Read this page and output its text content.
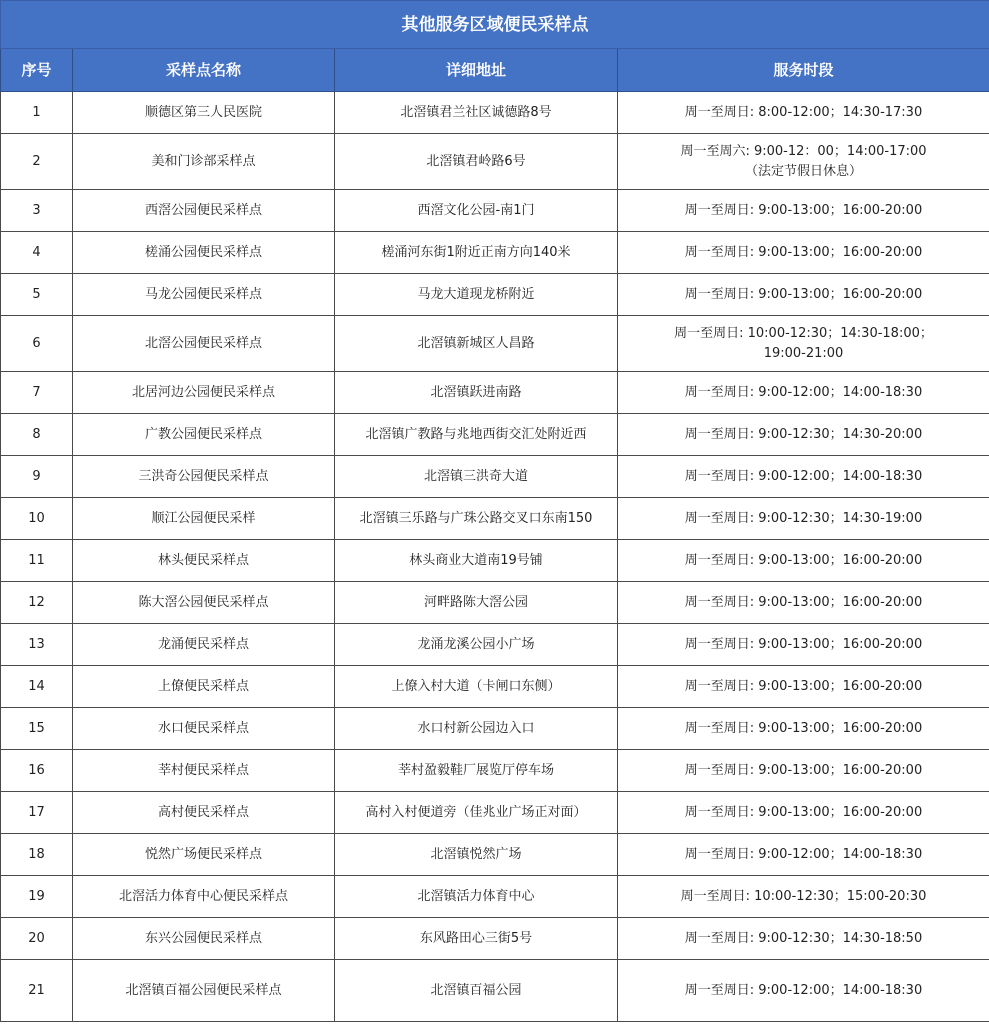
其他服务区域便民采样点			
序号	采样点名称	详细地址	服务时段
1	顺德区第三人民医院	北滘镇君兰社区诚德路8号	周一至周日: 8:00-12:00；14:30-17:30

2	美和门诊部采样点	北滘镇君岭路6号	周一至周六: 9:00-12：00；14:00-17:00
（法定节假日休息）

3	西滘公园便民采样点	西滘文化公园-南1门	周一至周日: 9:00-13:00；16:00-20:00

4	槎涌公园便民采样点	槎涌河东街1附近正南方向140米	周一至周日: 9:00-13:00；16:00-20:00

5	马龙公园便民采样点	马龙大道现龙桥附近	周一至周日: 9:00-13:00；16:00-20:00

6	北滘公园便民采样点	北滘镇新城区人昌路	周一至周日: 10:00-12:30；14:30-18:00；
19:00-21:00

7	北居河边公园便民采样点	北滘镇跃进南路	周一至周日: 9:00-12:00；14:00-18:30

8	广教公园便民采样点	北滘镇广教路与兆地西街交汇处附近西	周一至周日: 9:00-12:30；14:30-20:00

9	三洪奇公园便民采样点	北滘镇三洪奇大道	周一至周日: 9:00-12:00；14:00-18:30

10	顺江公园便民采样	北滘镇三乐路与广珠公路交叉口东南150	周一至周日: 9:00-12:30；14:30-19:00

11	林头便民采样点	林头商业大道南19号铺	周一至周日: 9:00-13:00；16:00-20:00

12	陈大滘公园便民采样点	河畔路陈大滘公园	周一至周日: 9:00-13:00；16:00-20:00

13	龙涌便民采样点	龙涌龙溪公园小广场	周一至周日: 9:00-13:00；16:00-20:00

14	上僚便民采样点	上僚入村大道（卡闸口东侧）	周一至周日: 9:00-13:00；16:00-20:00

15	水口便民采样点	水口村新公园边入口	周一至周日: 9:00-13:00；16:00-20:00

16	莘村便民采样点	莘村盈毅鞋厂展览厅停车场	周一至周日: 9:00-13:00；16:00-20:00

17	高村便民采样点	高村入村便道旁（佳兆业广场正对面）	周一至周日: 9:00-13:00；16:00-20:00

18	悦然广场便民采样点	北滘镇悦然广场	周一至周日: 9:00-12:00；14:00-18:30

19	北滘活力体育中心便民采样点	北滘镇活力体育中心	周一至周日: 10:00-12:30；15:00-20:30

20	东兴公园便民采样点	东风路田心三街5号	周一至周日: 9:00-12:30；14:30-18:50

21	北滘镇百福公园便民采样点	北滘镇百福公园	周一至周日: 9:00-12:00；14:00-18:30
